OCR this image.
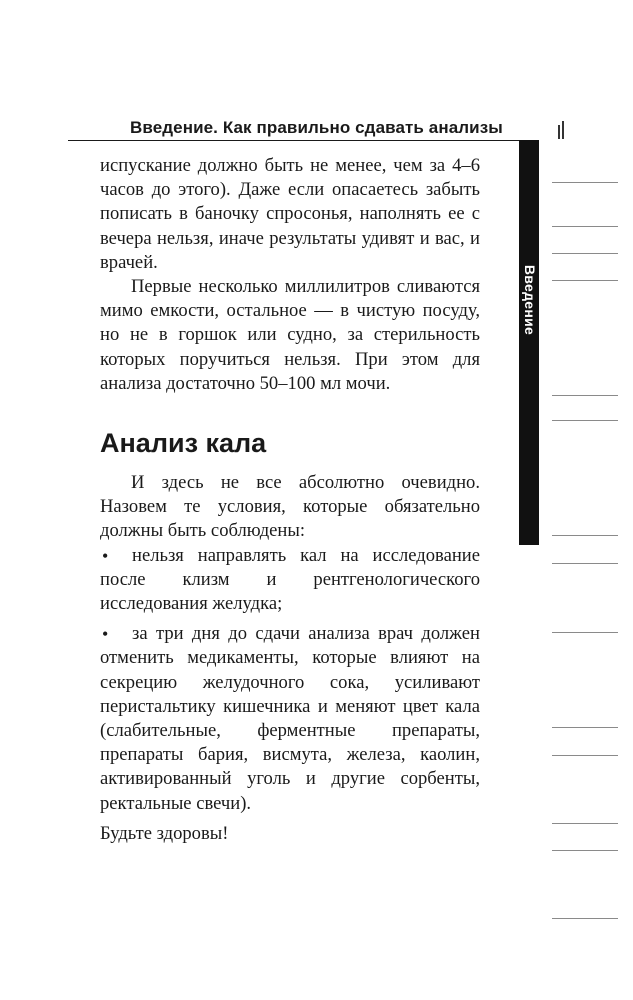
Введение. Как правильно сдавать анализы
Введение

испускание должно быть не менее, чем за 4–6 часов до этого). Даже если опасаетесь забыть пописать в баночку спросонья, наполнять ее с вечера нельзя, иначе результаты удивят и вас, и врачей.

Первые несколько миллилитров сливаются мимо емкости, остальное — в чистую посуду, но не в горшок или судно, за стерильность которых поручиться нельзя. При этом для анализа достаточно 50–100 мл мочи.

Анализ кала

И здесь не все абсолютно очевидно. Назовем те условия, которые обязательно должны быть соблюдены:

• нельзя направлять кал на исследование после клизм и рентгенологического исследования желудка;
• за три дня до сдачи анализа врач должен отменить медикаменты, которые влияют на секрецию желудочного сока, усиливают перистальтику кишечника и меняют цвет кала (слабительные, ферментные препараты, препараты бария, висмута, железа, каолин, активированный уголь и другие сорбенты, ректальные свечи).

Будьте здоровы!
